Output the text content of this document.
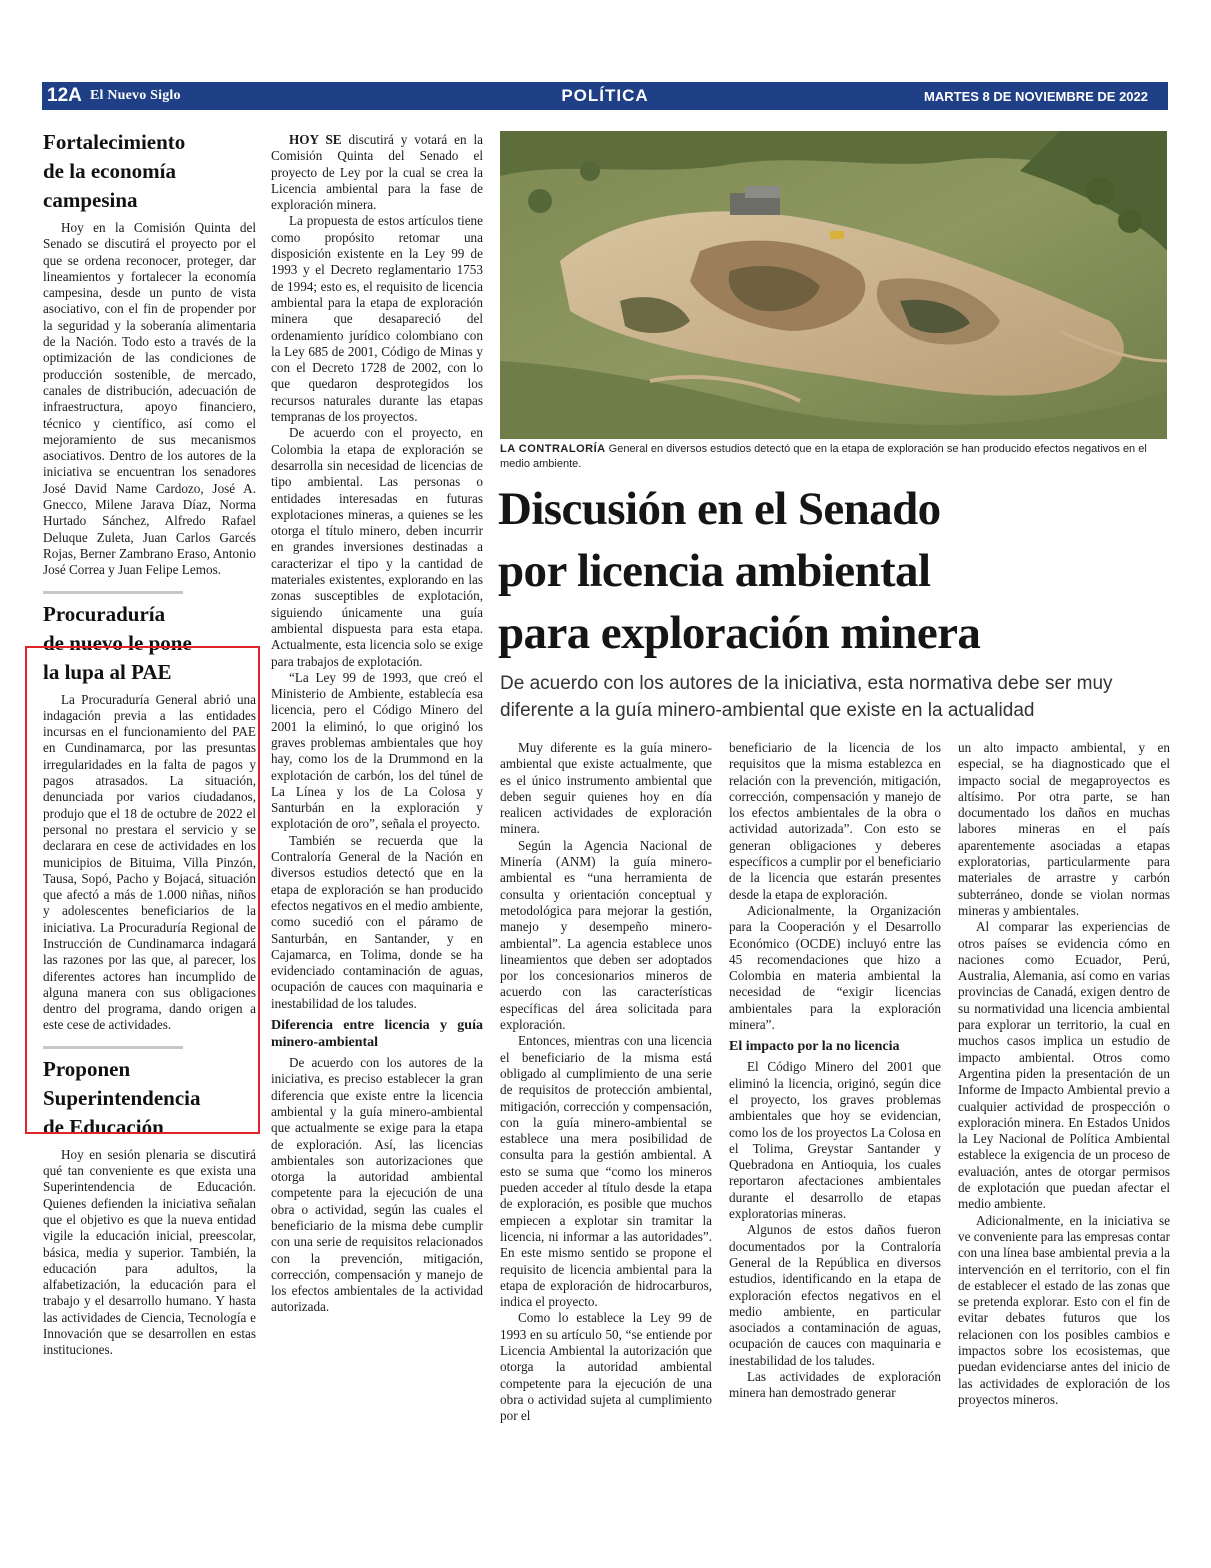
12A El Nuevo Siglo	POLÍTICA	MARTES 8 DE NOVIEMBRE DE 2022
Fortalecimiento
de la economía
campesina

Hoy en la Comisión Quinta del Senado se discutirá el proyecto por el que se ordena reconocer, proteger, dar lineamientos y fortalecer la economía campesina, desde un punto de vista asociativo, con el fin de propender por la seguridad y la soberanía alimentaria de la Nación. Todo esto a través de la optimización de las condiciones de producción sostenible, de mercado, canales de distribución, adecuación de infraestructura, apoyo financiero, técnico y científico, así como el mejoramiento de sus mecanismos asociativos. Dentro de los autores de la iniciativa se encuentran los senadores José David Name Cardozo, José A. Gnecco, Milene Jarava Díaz, Norma Hurtado Sánchez, Alfredo Rafael Deluque Zuleta, Juan Carlos Garcés Rojas, Berner Zambrano Eraso, Antonio José Correa y Juan Felipe Lemos.

Procuraduría
de nuevo le pone
la lupa al PAE

La Procuraduría General abrió una indagación previa a las entidades incursas en el funcionamiento del PAE en Cundinamarca, por las presuntas irregularidades en la falta de pagos y pagos atrasados. La situación, denunciada por varios ciudadanos, produjo que el 18 de octubre de 2022 el personal no prestara el servicio y se declarara en cese de actividades en los municipios de Bituima, Villa Pinzón, Tausa, Sopó, Pacho y Bojacá, situación que afectó a más de 1.000 niñas, niños y adolescentes beneficiarios de la iniciativa. La Procuraduría Regional de Instrucción de Cundinamarca indagará las razones por las que, al parecer, los diferentes actores han incumplido de alguna manera con sus obligaciones dentro del programa, dando origen a este cese de actividades.

Proponen
Superintendencia
de Educación

Hoy en sesión plenaria se discutirá qué tan conveniente es que exista una Superintendencia de Educación. Quienes defienden la iniciativa señalan que el objetivo es que la nueva entidad vigile la educación inicial, preescolar, básica, media y superior. También, la educación para adultos, la alfabetización, la educación para el trabajo y el desarrollo humano. Y hasta las actividades de Ciencia, Tecnología e Innovación que se desarrollen en estas instituciones.

HOY SE discutirá y votará en la Comisión Quinta del Senado el proyecto de Ley por la cual se crea la Licencia ambiental para la fase de exploración minera.

La propuesta de estos artículos tiene como propósito retomar una disposición existente en la Ley 99 de 1993 y el Decreto reglamentario 1753 de 1994; esto es, el requisito de licencia ambiental para la etapa de exploración minera que desapareció del ordenamiento jurídico colombiano con la Ley 685 de 2001, Código de Minas y con el Decreto 1728 de 2002, con lo que quedaron desprotegidos los recursos naturales durante las etapas tempranas de los proyectos.

De acuerdo con el proyecto, en Colombia la etapa de exploración se desarrolla sin necesidad de licencias de tipo ambiental. Las personas o entidades interesadas en futuras explotaciones mineras, a quienes se les otorga el título minero, deben incurrir en grandes inversiones destinadas a caracterizar el tipo y la cantidad de materiales existentes, explorando en las zonas susceptibles de explotación, siguiendo únicamente una guía ambiental dispuesta para esta etapa. Actualmente, esta licencia solo se exige para trabajos de explotación.

“La Ley 99 de 1993, que creó el Ministerio de Ambiente, establecía esa licencia, pero el Código Minero del 2001 la eliminó, lo que originó los graves problemas ambientales que hoy hay, como los de la Drummond en la explotación de carbón, los del túnel de La Línea y los de La Colosa y Santurbán en la exploración y explotación de oro”, señala el proyecto.

También se recuerda que la Contraloría General de la Nación en diversos estudios detectó que en la etapa de exploración se han producido efectos negativos en el medio ambiente, como sucedió con el páramo de Santurbán, en Santander, y en Cajamarca, en Tolima, donde se ha evidenciado contaminación de aguas, ocupación de cauces con maquinaria e inestabilidad de los taludes.

Diferencia entre licencia y guía minero-ambiental

De acuerdo con los autores de la iniciativa, es preciso establecer la gran diferencia que existe entre la licencia ambiental y la guía minero-ambiental que actualmente se exige para la etapa de exploración. Así, las licencias ambientales son autorizaciones que otorga la autoridad ambiental competente para la ejecución de una obra o actividad, según las cuales el beneficiario de la misma debe cumplir con una serie de requisitos relacionados con la prevención, mitigación, corrección, compensación y manejo de los efectos ambientales de la actividad autorizada.

LA CONTRALORÍA General en diversos estudios detectó que en la etapa de exploración se han producido efectos negativos en el medio ambiente.
Discusión en el Senado
por licencia ambiental
para exploración minera
De acuerdo con los autores de la iniciativa, esta normativa debe ser muy diferente a la guía minero-ambiental que existe en la actualidad

Muy diferente es la guía minero-ambiental que existe actualmente, que es el único instrumento ambiental que deben seguir quienes hoy en día realicen actividades de exploración minera.

Según la Agencia Nacional de Minería (ANM) la guía minero-ambiental es “una herramienta de consulta y orientación conceptual y metodológica para mejorar la gestión, manejo y desempeño minero-ambiental”. La agencia establece unos lineamientos que deben ser adoptados por los concesionarios mineros de acuerdo con las características específicas del área solicitada para exploración.

Entonces, mientras con una licencia el beneficiario de la misma está obligado al cumplimiento de una serie de requisitos de protección ambiental, mitigación, corrección y compensación, con la guía minero-ambiental se establece una mera posibilidad de consulta para la gestión ambiental. A esto se suma que “como los mineros pueden acceder al título desde la etapa de exploración, es posible que muchos empiecen a explotar sin tramitar la licencia, ni informar a las autoridades”. En este mismo sentido se propone el requisito de licencia ambiental para la etapa de exploración de hidrocarburos, indica el proyecto.

Como lo establece la Ley 99 de 1993 en su artículo 50, “se entiende por Licencia Ambiental la autorización que otorga la autoridad ambiental competente para la ejecución de una obra o actividad sujeta al cumplimiento por el

beneficiario de la licencia de los requisitos que la misma establezca en relación con la prevención, mitigación, corrección, compensación y manejo de los efectos ambientales de la obra o actividad autorizada”. Con esto se generan obligaciones y deberes específicos a cumplir por el beneficiario de la licencia que estarán presentes desde la etapa de exploración.

Adicionalmente, la Organización para la Cooperación y el Desarrollo Económico (OCDE) incluyó entre las 45 recomendaciones que hizo a Colombia en materia ambiental la necesidad de “exigir licencias ambientales para la exploración minera”.

El impacto por la no licencia

El Código Minero del 2001 que eliminó la licencia, originó, según dice el proyecto, los graves problemas ambientales que hoy se evidencian, como los de los proyectos La Colosa en el Tolima, Greystar Santander y Quebradona en Antioquia, los cuales reportaron afectaciones ambientales durante el desarrollo de etapas exploratorias mineras.

Algunos de estos daños fueron documentados por la Contraloría General de la República en diversos estudios, identificando en la etapa de exploración efectos negativos en el medio ambiente, en particular asociados a contaminación de aguas, ocupación de cauces con maquinaria e inestabilidad de los taludes.

Las actividades de exploración minera han demostrado generar

un alto impacto ambiental, y en especial, se ha diagnosticado que el impacto social de megaproyectos es altísimo. Por otra parte, se han documentado los daños en muchas labores mineras en el país aparentemente asociadas a etapas exploratorias, particularmente para materiales de arrastre y carbón subterráneo, donde se violan normas mineras y ambientales.

Al comparar las experiencias de otros países se evidencia cómo en naciones como Ecuador, Perú, Australia, Alemania, así como en varias provincias de Canadá, exigen dentro de su normatividad una licencia ambiental para explorar un territorio, la cual en muchos casos implica un estudio de impacto ambiental. Otros como Argentina piden la presentación de un Informe de Impacto Ambiental previo a cualquier actividad de prospección o exploración minera. En Estados Unidos la Ley Nacional de Política Ambiental establece la exigencia de un proceso de evaluación, antes de otorgar permisos de explotación que puedan afectar el medio ambiente.

Adicionalmente, en la iniciativa se ve conveniente para las empresas contar con una línea base ambiental previa a la intervención en el territorio, con el fin de establecer el estado de las zonas que se pretenda explorar. Esto con el fin de evitar debates futuros que los relacionen con los posibles cambios e impactos sobre los ecosistemas, que puedan evidenciarse antes del inicio de las actividades de exploración de los proyectos mineros.
